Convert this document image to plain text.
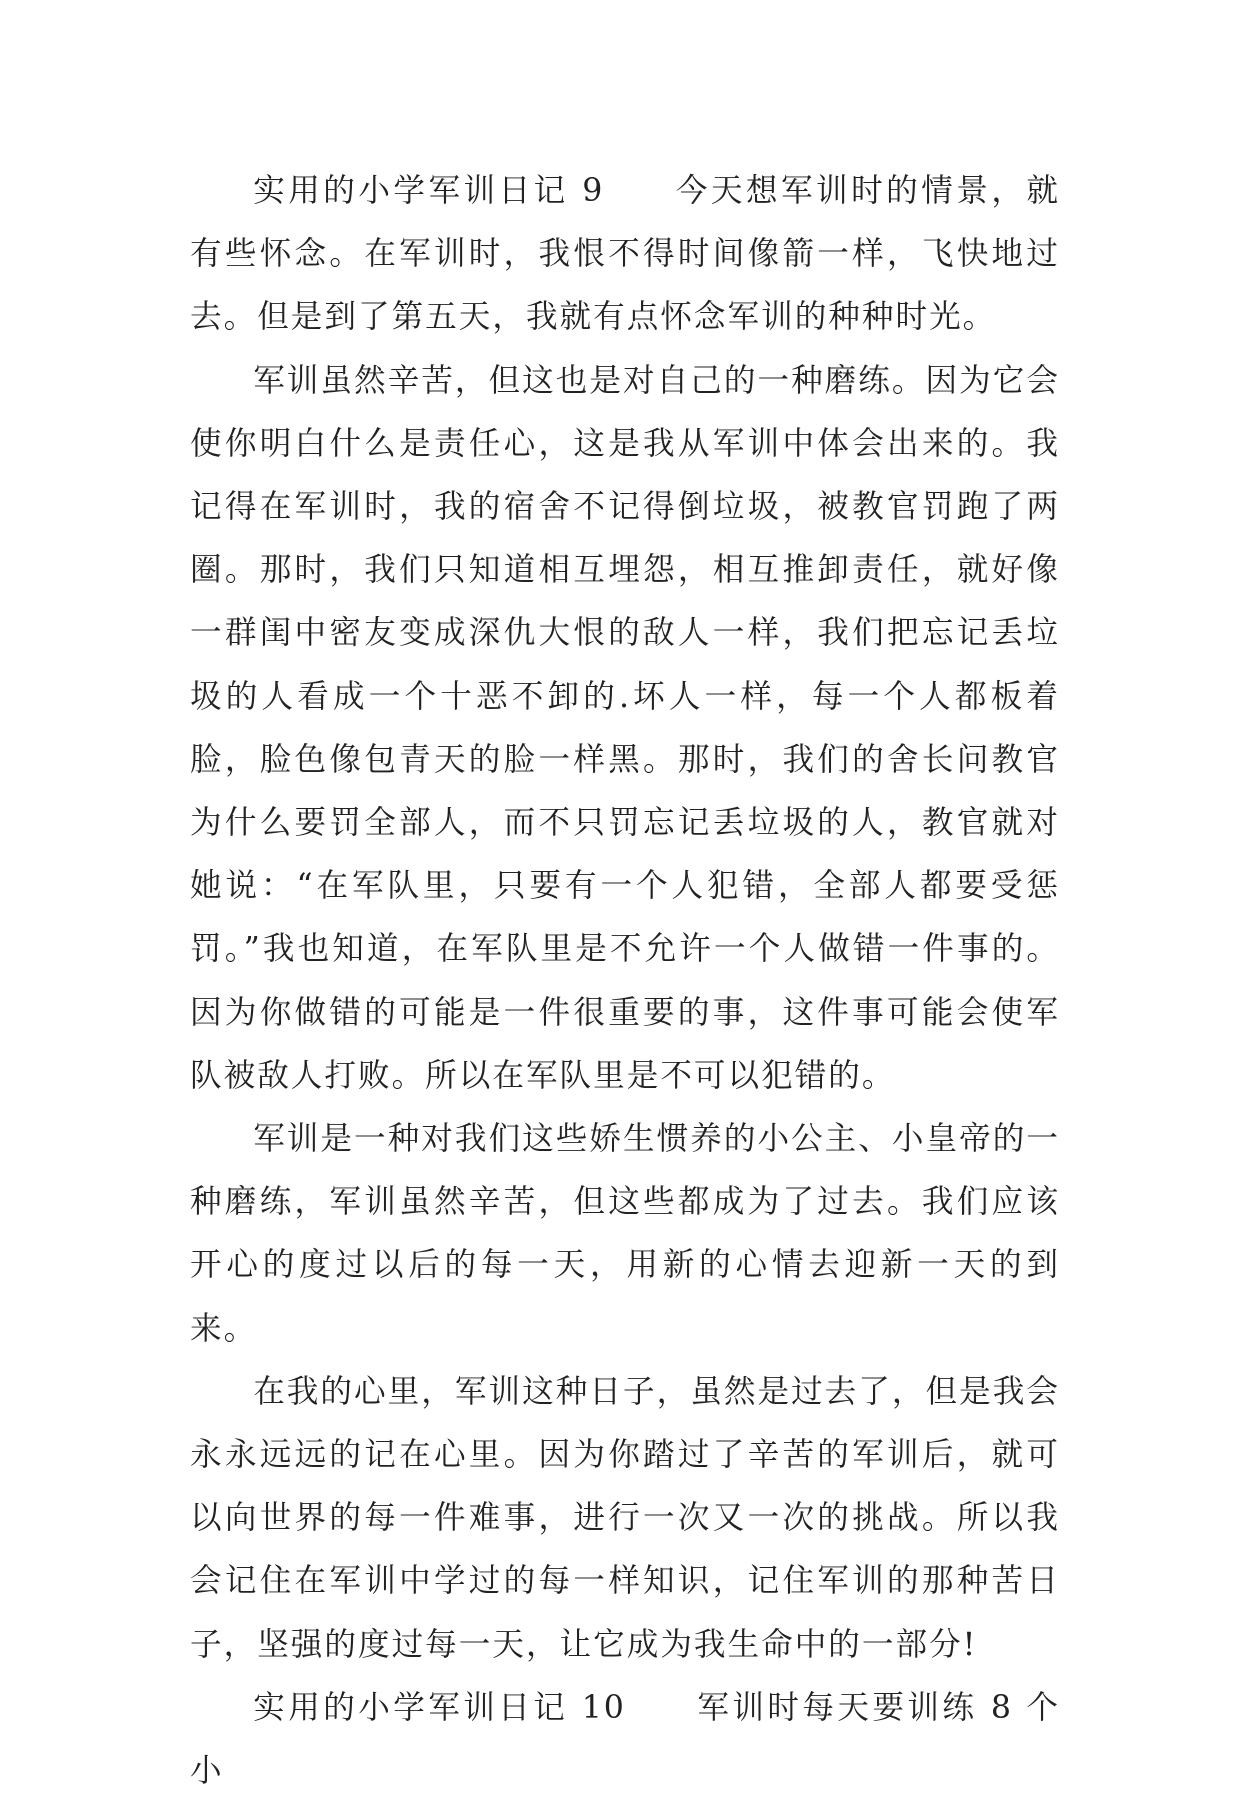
实用的小学军训日记 9 今天想军训时的情景，就有些怀念。在军训时，我恨不得时间像箭一样，飞快地过去。但是到了第五天，我就有点怀念军训的种种时光。

军训虽然辛苦，但这也是对自己的一种磨练。因为它会使你明白什么是责任心，这是我从军训中体会出来的。我记得在军训时，我的宿舍不记得倒垃圾，被教官罚跑了两圈。那时，我们只知道相互埋怨，相互推卸责任，就好像一群闺中密友变成深仇大恨的敌人一样，我们把忘记丢垃圾的人看成一个十恶不卸的.坏人一样，每一个人都板着脸，脸色像包青天的脸一样黑。那时，我们的舍长问教官为什么要罚全部人，而不只罚忘记丢垃圾的人，教官就对她说：“在军队里，只要有一个人犯错，全部人都要受惩罚。”我也知道，在军队里是不允许一个人做错一件事的。因为你做错的可能是一件很重要的事，这件事可能会使军队被敌人打败。所以在军队里是不可以犯错的。

军训是一种对我们这些娇生惯养的小公主、小皇帝的一种磨练，军训虽然辛苦，但这些都成为了过去。我们应该开心的度过以后的每一天，用新的心情去迎新一天的到来。

在我的心里，军训这种日子，虽然是过去了，但是我会永永远远的记在心里。因为你踏过了辛苦的军训后，就可以向世界的每一件难事，进行一次又一次的挑战。所以我会记住在军训中学过的每一样知识，记住军训的那种苦日子，坚强的度过每一天，让它成为我生命中的一部分!

实用的小学军训日记 10 军训时每天要训练 8 个小
